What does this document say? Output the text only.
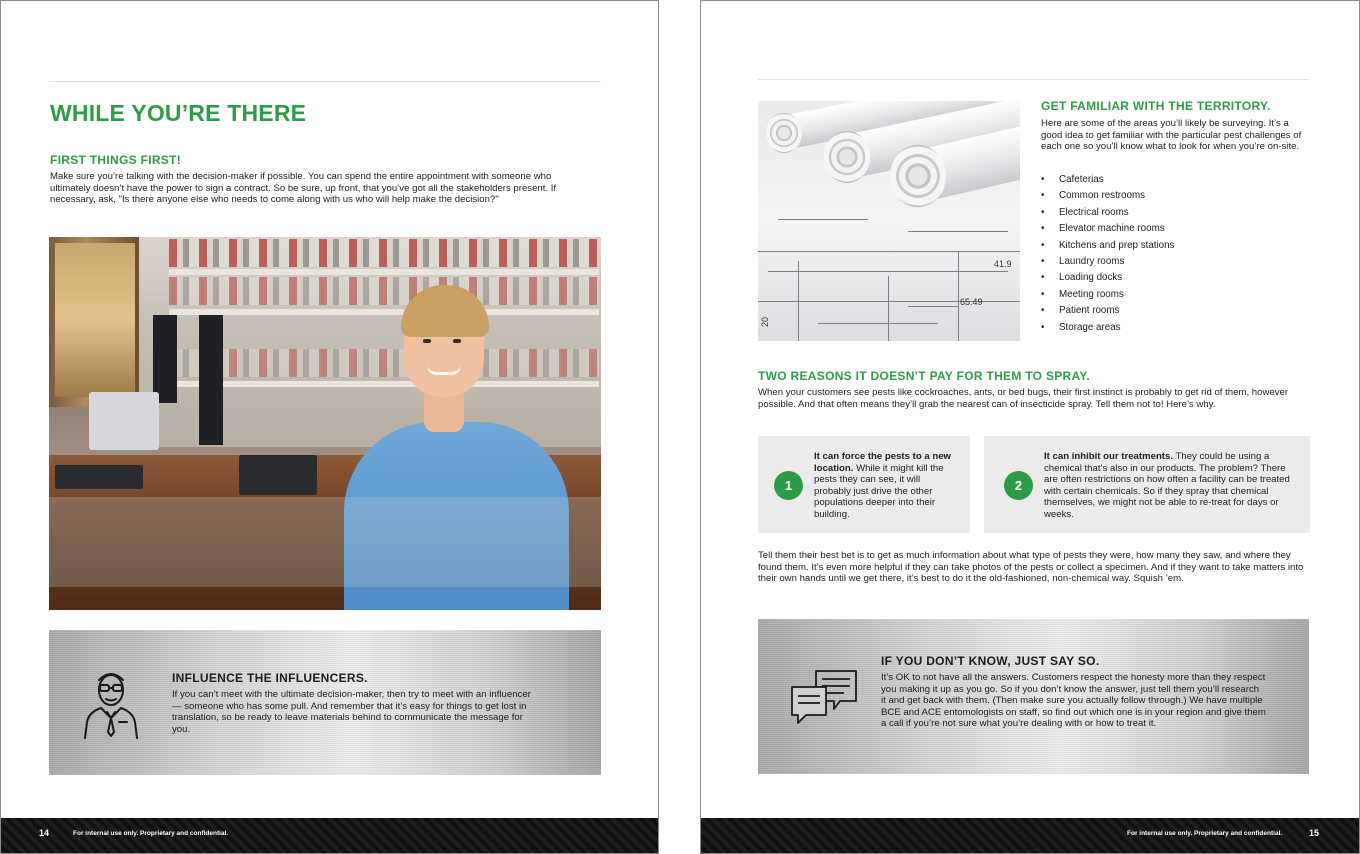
WHILE YOU’RE THERE
FIRST THINGS FIRST!
Make sure you’re talking with the decision-maker if possible. You can spend the entire appointment with someone who ultimately doesn’t have the power to sign a contract. So be sure, up front, that you’ve got all the stakeholders present. If necessary, ask, "Is there anyone else who needs to come along with us who will help make the decision?"
INFLUENCE THE INFLUENCERS.
If you can’t meet with the ultimate decision-maker, then try to meet with an influencer — someone who has some pull. And remember that it’s easy for things to get lost in translation, so be ready to leave materials behind to communicate the message for you.
14	For internal use only. Proprietary and confidential.
41.9
65.49
20
GET FAMILIAR WITH THE TERRITORY.
Here are some of the areas you’ll likely be surveying. It’s a good idea to get familiar with the particular pest challenges of each one so you’ll know what to look for when you’re on-site.
• Cafeterias
• Common restrooms
• Electrical rooms
• Elevator machine rooms
• Kitchens and prep stations
• Laundry rooms
• Loading docks
• Meeting rooms
• Patient rooms
• Storage areas
TWO REASONS IT DOESN’T PAY FOR THEM TO SPRAY.
When your customers see pests like cockroaches, ants, or bed bugs, their first instinct is probably to get rid of them, however possible. And that often means they’ll grab the nearest can of insecticide spray. Tell them not to! Here’s why.
1
It can force the pests to a new location. While it might kill the pests they can see, it will probably just drive the other populations deeper into their building.
2
It can inhibit our treatments. They could be using a chemical that’s also in our products. The problem? There are often restrictions on how often a facility can be treated with certain chemicals. So if they spray that chemical themselves, we might not be able to re-treat for days or weeks.
Tell them their best bet is to get as much information about what type of pests they were, how many they saw, and where they found them. It’s even more helpful if they can take photos of the pests or collect a specimen. And if they want to take matters into their own hands until we get there, it’s best to do it the old-fashioned, non-chemical way. Squish ’em.
IF YOU DON’T KNOW, JUST SAY SO.
It’s OK to not have all the answers. Customers respect the honesty more than they respect you making it up as you go. So if you don’t know the answer, just tell them you’ll research it and get back with them. (Then make sure you actually follow through.) We have multiple BCE and ACE entomologists on staff, so find out which one is in your region and give them a call if you’re not sure what you’re dealing with or how to treat it.
For internal use only. Proprietary and confidential.	15
